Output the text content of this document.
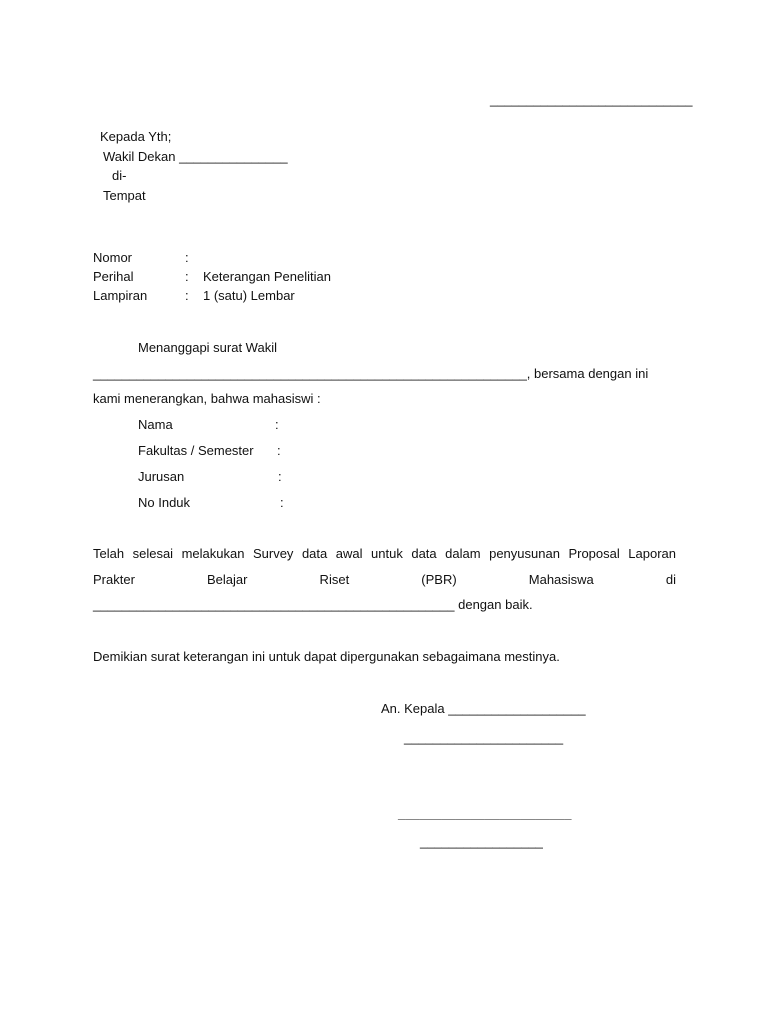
____________________________
Kepada Yth;
Wakil Dekan _______________
di-
Tempat
Nomor	:
Perihal	: Keterangan Penelitian
Lampiran	: 1 (satu) Lembar
Menanggapi surat Wakil
____________________________________________________________, bersama dengan ini
kami menerangkan, bahwa mahasiswi :
Nama	:
Fakultas / Semester :
Jurusan	:
No Induk	:
Telah selesai melakukan Survey data awal untuk data dalam penyusunan Proposal Laporan
Prakter Belajar Riset (PBR) Mahasiswa di
__________________________________________________ dengan baik.
Demikian surat keterangan ini untuk dapat dipergunakan sebagaimana mestinya.
An. Kepala ___________________
______________________
________________________
_________________
